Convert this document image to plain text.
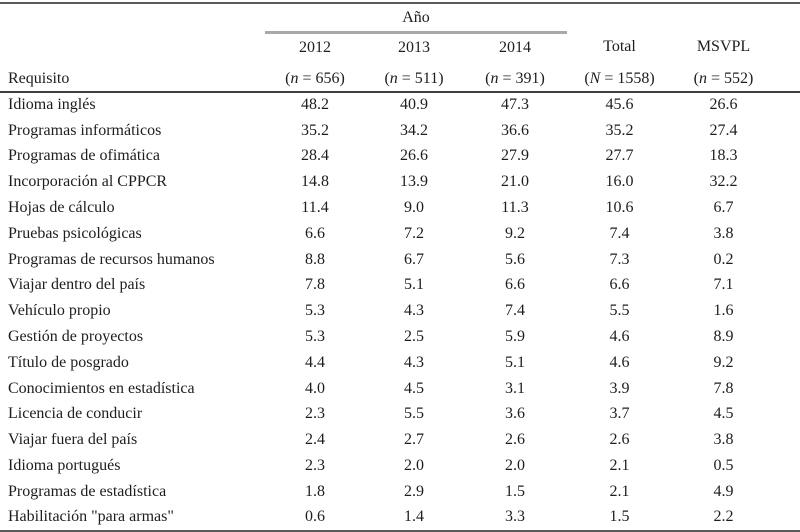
	Año					
	2012	2013	2014	Total	MSVPL	
Requisito	(n = 656)	(n = 511)	(n = 391)	(N = 1558)	(n = 552)	
Idioma inglés	48.2	40.9	47.3	45.6	26.6	
Programas informáticos	35.2	34.2	36.6	35.2	27.4	
Programas de ofimática	28.4	26.6	27.9	27.7	18.3	
Incorporación al CPPCR	14.8	13.9	21.0	16.0	32.2	
Hojas de cálculo	11.4	9.0	11.3	10.6	6.7	
Pruebas psicológicas	6.6	7.2	9.2	7.4	3.8	
Programas de recursos humanos	8.8	6.7	5.6	7.3	0.2	
Viajar dentro del país	7.8	5.1	6.6	6.6	7.1	
Vehículo propio	5.3	4.3	7.4	5.5	1.6	
Gestión de proyectos	5.3	2.5	5.9	4.6	8.9	
Título de posgrado	4.4	4.3	5.1	4.6	9.2	
Conocimientos en estadística	4.0	4.5	3.1	3.9	7.8	
Licencia de conducir	2.3	5.5	3.6	3.7	4.5	
Viajar fuera del país	2.4	2.7	2.6	2.6	3.8	
Idioma portugués	2.3	2.0	2.0	2.1	0.5	
Programas de estadística	1.8	2.9	1.5	2.1	4.9	
Habilitación "para armas"	0.6	1.4	3.3	1.5	2.2	
